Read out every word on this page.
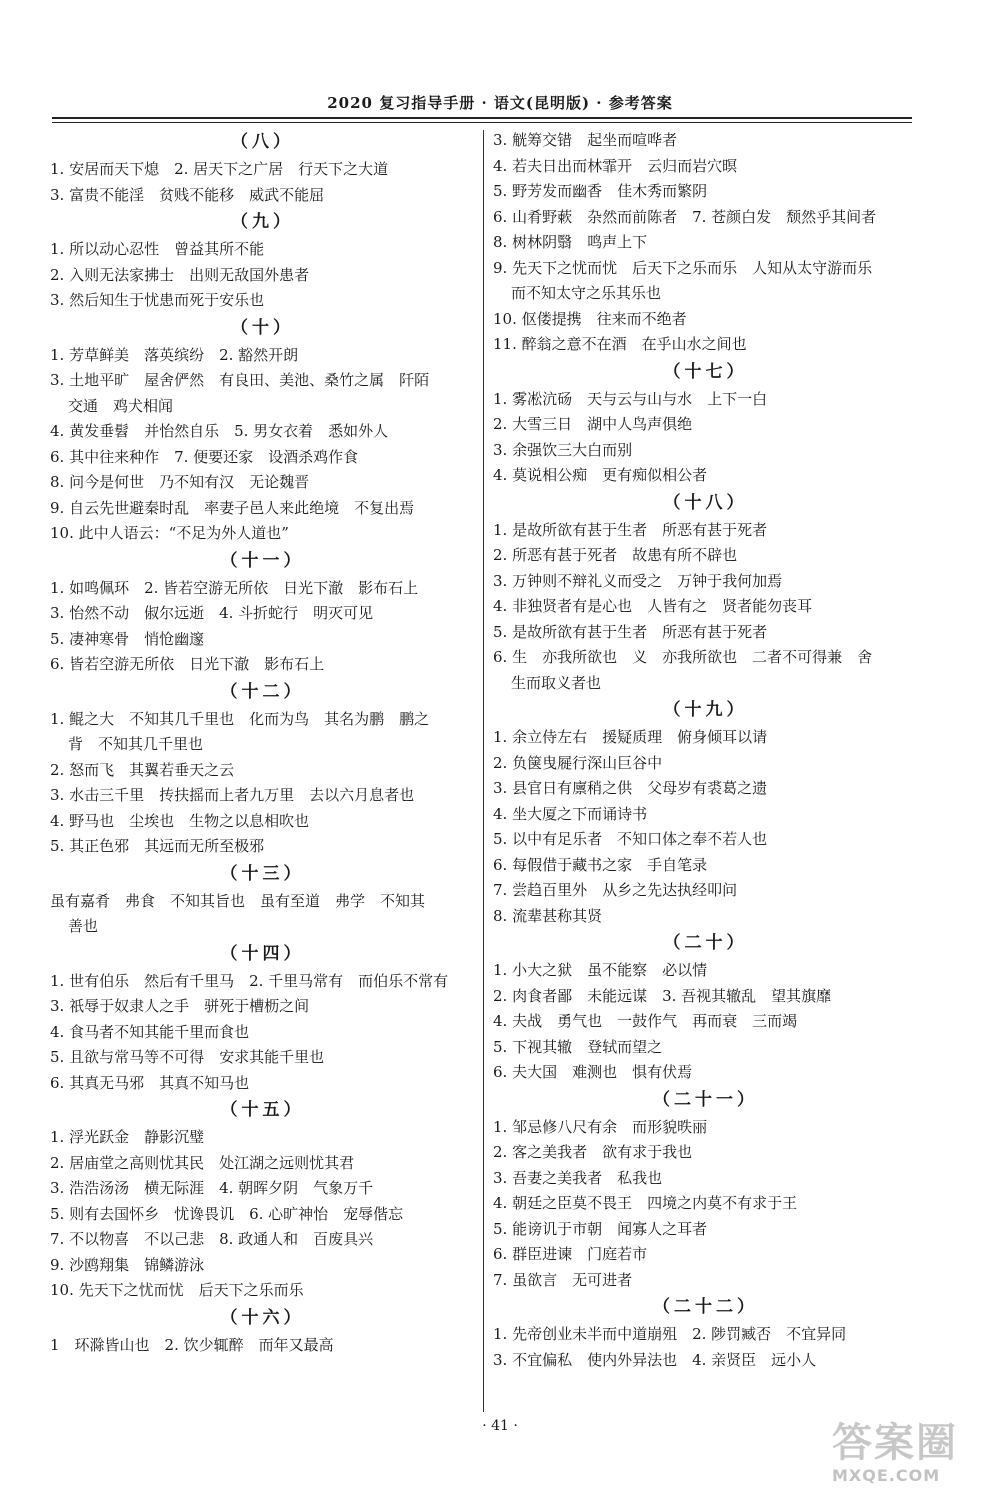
2020 复习指导手册 · 语文(昆明版) · 参考答案
（八）
1. 安居而天下熄　2. 居天下之广居　行天下之大道
3. 富贵不能淫　贫贱不能移　威武不能屈
（九）
1. 所以动心忍性　曾益其所不能
2. 入则无法家拂士　出则无敌国外患者
3. 然后知生于忧患而死于安乐也
（十）
1. 芳草鲜美　落英缤纷　2. 豁然开朗
3. 土地平旷　屋舍俨然　有良田、美池、桑竹之属　阡陌
交通　鸡犬相闻
4. 黄发垂髫　并怡然自乐　5. 男女衣着　悉如外人
6. 其中往来种作　7. 便要还家　设酒杀鸡作食
8. 问今是何世　乃不知有汉　无论魏晋
9. 自云先世避秦时乱　率妻子邑人来此绝境　不复出焉
10. 此中人语云：“不足为外人道也”
（十一）
1. 如鸣佩环　2. 皆若空游无所依　日光下澈　影布石上
3. 怡然不动　俶尔远逝　4. 斗折蛇行　明灭可见
5. 凄神寒骨　悄怆幽邃
6. 皆若空游无所依　日光下澈　影布石上
（十二）
1. 鲲之大　不知其几千里也　化而为鸟　其名为鹏　鹏之
背　不知其几千里也
2. 怒而飞　其翼若垂天之云
3. 水击三千里　抟扶摇而上者九万里　去以六月息者也
4. 野马也　尘埃也　生物之以息相吹也
5. 其正色邪　其远而无所至极邪
（十三）
虽有嘉肴　弗食　不知其旨也　虽有至道　弗学　不知其
善也
（十四）
1. 世有伯乐　然后有千里马　2. 千里马常有　而伯乐不常有
3. 祇辱于奴隶人之手　骈死于槽枥之间
4. 食马者不知其能千里而食也
5. 且欲与常马等不可得　安求其能千里也
6. 其真无马邪　其真不知马也
（十五）
1. 浮光跃金　静影沉璧
2. 居庙堂之高则忧其民　处江湖之远则忧其君
3. 浩浩汤汤　横无际涯　4. 朝晖夕阴　气象万千
5. 则有去国怀乡　忧谗畏讥　6. 心旷神怡　宠辱偕忘
7. 不以物喜　不以己悲　8. 政通人和　百废具兴
9. 沙鸥翔集　锦鳞游泳
10. 先天下之忧而忧　后天下之乐而乐
（十六）
1　环滁皆山也　2. 饮少辄醉　而年又最高
3. 觥筹交错　起坐而喧哗者
4. 若夫日出而林霏开　云归而岩穴暝
5. 野芳发而幽香　佳木秀而繁阴
6. 山肴野蔌　杂然而前陈者　7. 苍颜白发　颓然乎其间者
8. 树林阴翳　鸣声上下
9. 先天下之忧而忧　后天下之乐而乐　人知从太守游而乐
而不知太守之乐其乐也
10. 伛偻提携　往来而不绝者
11. 醉翁之意不在酒　在乎山水之间也
（十七）
1. 雾凇沆砀　天与云与山与水　上下一白
2. 大雪三日　湖中人鸟声俱绝
3. 余强饮三大白而别
4. 莫说相公痴　更有痴似相公者
（十八）
1. 是故所欲有甚于生者　所恶有甚于死者
2. 所恶有甚于死者　故患有所不辟也
3. 万钟则不辩礼义而受之　万钟于我何加焉
4. 非独贤者有是心也　人皆有之　贤者能勿丧耳
5. 是故所欲有甚于生者　所恶有甚于死者
6. 生　亦我所欲也　义　亦我所欲也　二者不可得兼　舍
生而取义者也
（十九）
1. 余立侍左右　援疑质理　俯身倾耳以请
2. 负箧曳屣行深山巨谷中
3. 县官日有廪稍之供　父母岁有裘葛之遗
4. 坐大厦之下而诵诗书
5. 以中有足乐者　不知口体之奉不若人也
6. 每假借于藏书之家　手自笔录
7. 尝趋百里外　从乡之先达执经叩问
8. 流辈甚称其贤
（二十）
1. 小大之狱　虽不能察　必以情
2. 肉食者鄙　未能远谋　3. 吾视其辙乱　望其旗靡
4. 夫战　勇气也　一鼓作气　再而衰　三而竭
5. 下视其辙　登轼而望之
6. 夫大国　难测也　惧有伏焉
（二十一）
1. 邹忌修八尺有余　而形貌昳丽
2. 客之美我者　欲有求于我也
3. 吾妻之美我者　私我也
4. 朝廷之臣莫不畏王　四境之内莫不有求于王
5. 能谤讥于市朝　闻寡人之耳者
6. 群臣进谏　门庭若市
7. 虽欲言　无可进者
（二十二）
1. 先帝创业未半而中道崩殂　2. 陟罚臧否　不宜异同
3. 不宜偏私　使内外异法也　4. 亲贤臣　远小人
· 41 ·	答案圈
MXQE.COM
